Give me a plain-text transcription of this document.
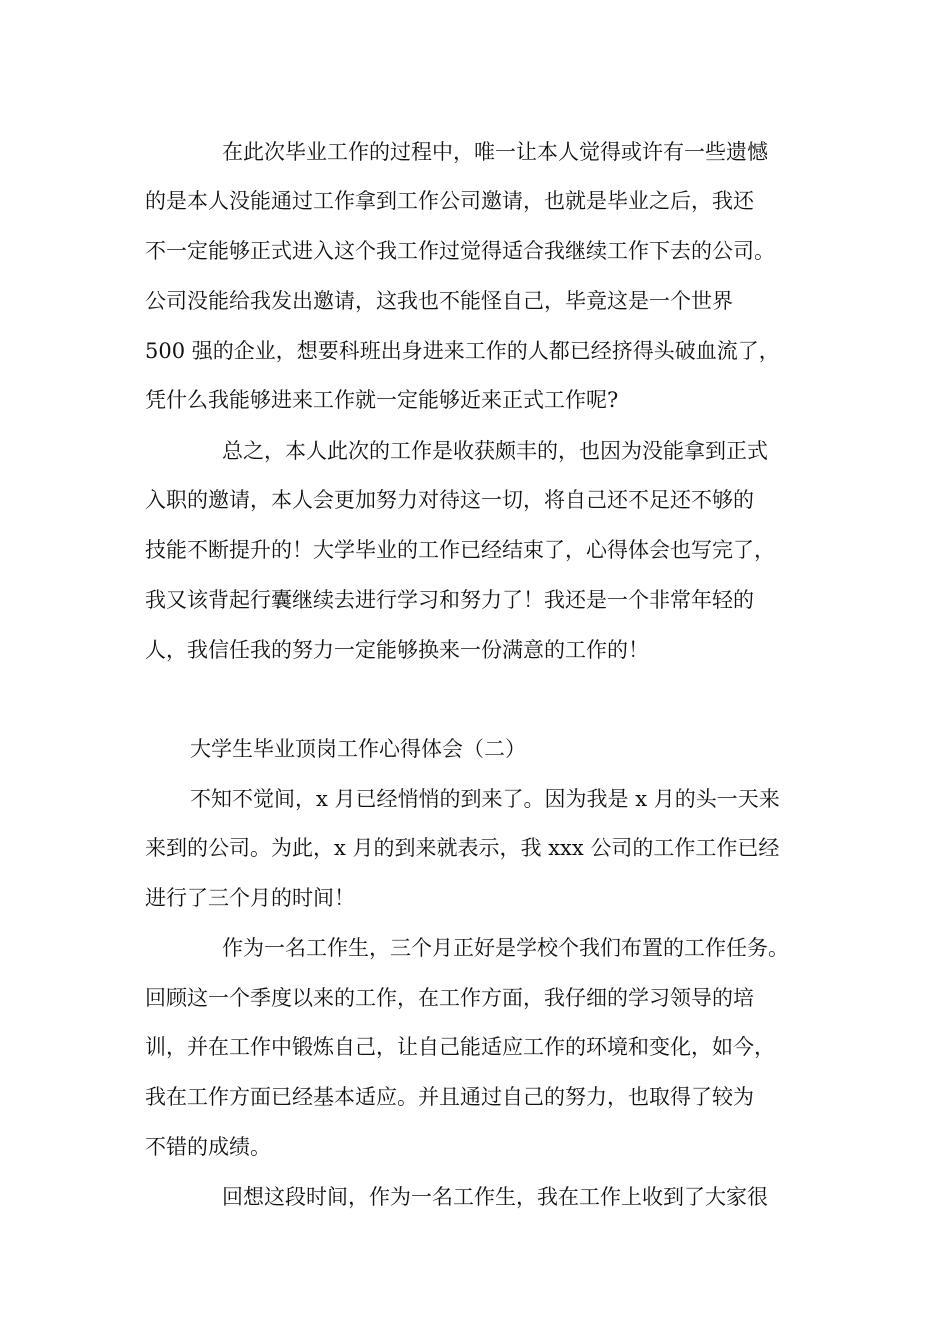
在此次毕业工作的过程中，唯一让本人觉得或许有一些遗憾
的是本人没能通过工作拿到工作公司邀请，也就是毕业之后，我还
不一定能够正式进入这个我工作过觉得适合我继续工作下去的公司。
公司没能给我发出邀请，这我也不能怪自己，毕竟这是一个世界
500 强的企业，想要科班出身进来工作的人都已经挤得头破血流了，
凭什么我能够进来工作就一定能够近来正式工作呢?
总之，本人此次的工作是收获颇丰的，也因为没能拿到正式
入职的邀请，本人会更加努力对待这一切，将自己还不足还不够的
技能不断提升的！大学毕业的工作已经结束了，心得体会也写完了，
我又该背起行囊继续去进行学习和努力了！我还是一个非常年轻的
人，我信任我的努力一定能够换来一份满意的工作的！
大学生毕业顶岗工作心得体会（二）
不知不觉间，x 月已经悄悄的到来了。因为我是 x 月的头一天来
来到的公司。为此，x 月的到来就表示，我 xxx 公司的工作工作已经
进行了三个月的时间！
作为一名工作生，三个月正好是学校个我们布置的工作任务。
回顾这一个季度以来的工作，在工作方面，我仔细的学习领导的培
训，并在工作中锻炼自己，让自己能适应工作的环境和变化，如今，
我在工作方面已经基本适应。并且通过自己的努力，也取得了较为
不错的成绩。
回想这段时间，作为一名工作生，我在工作上收到了大家很
